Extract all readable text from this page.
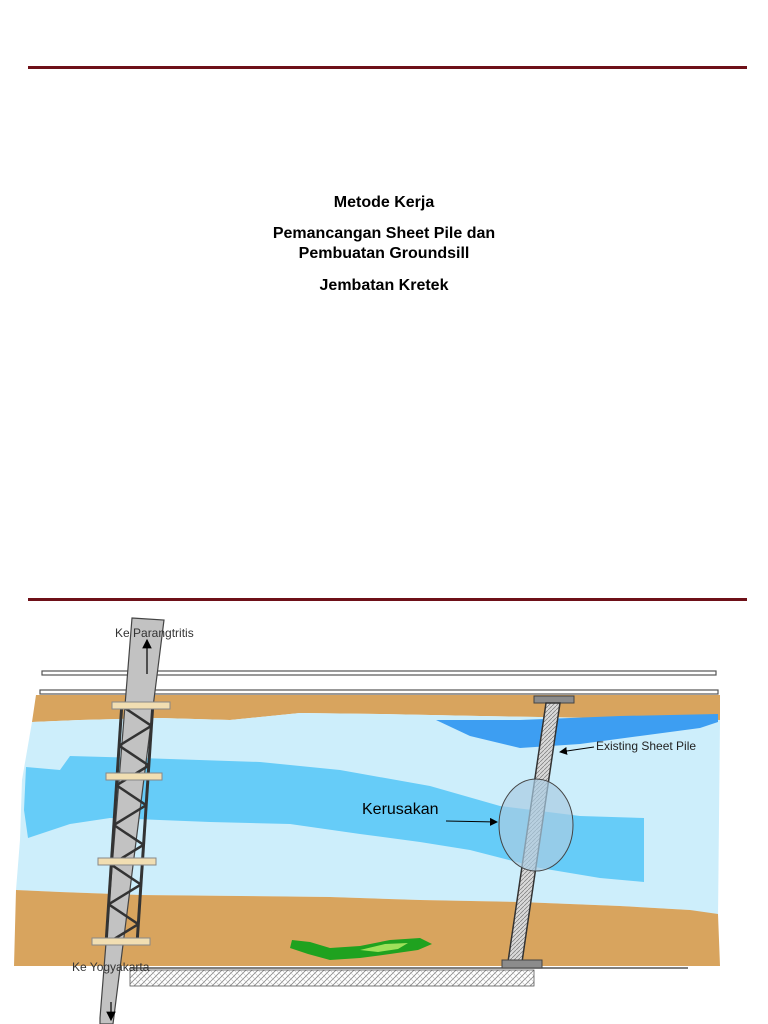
Metode Kerja

Pemancangan Sheet Pile dan

Pembuatan Groundsill

Jembatan Kretek

Ke Parangtritis
Ke Yogyakarta
Existing Sheet Pile
Kerusakan
